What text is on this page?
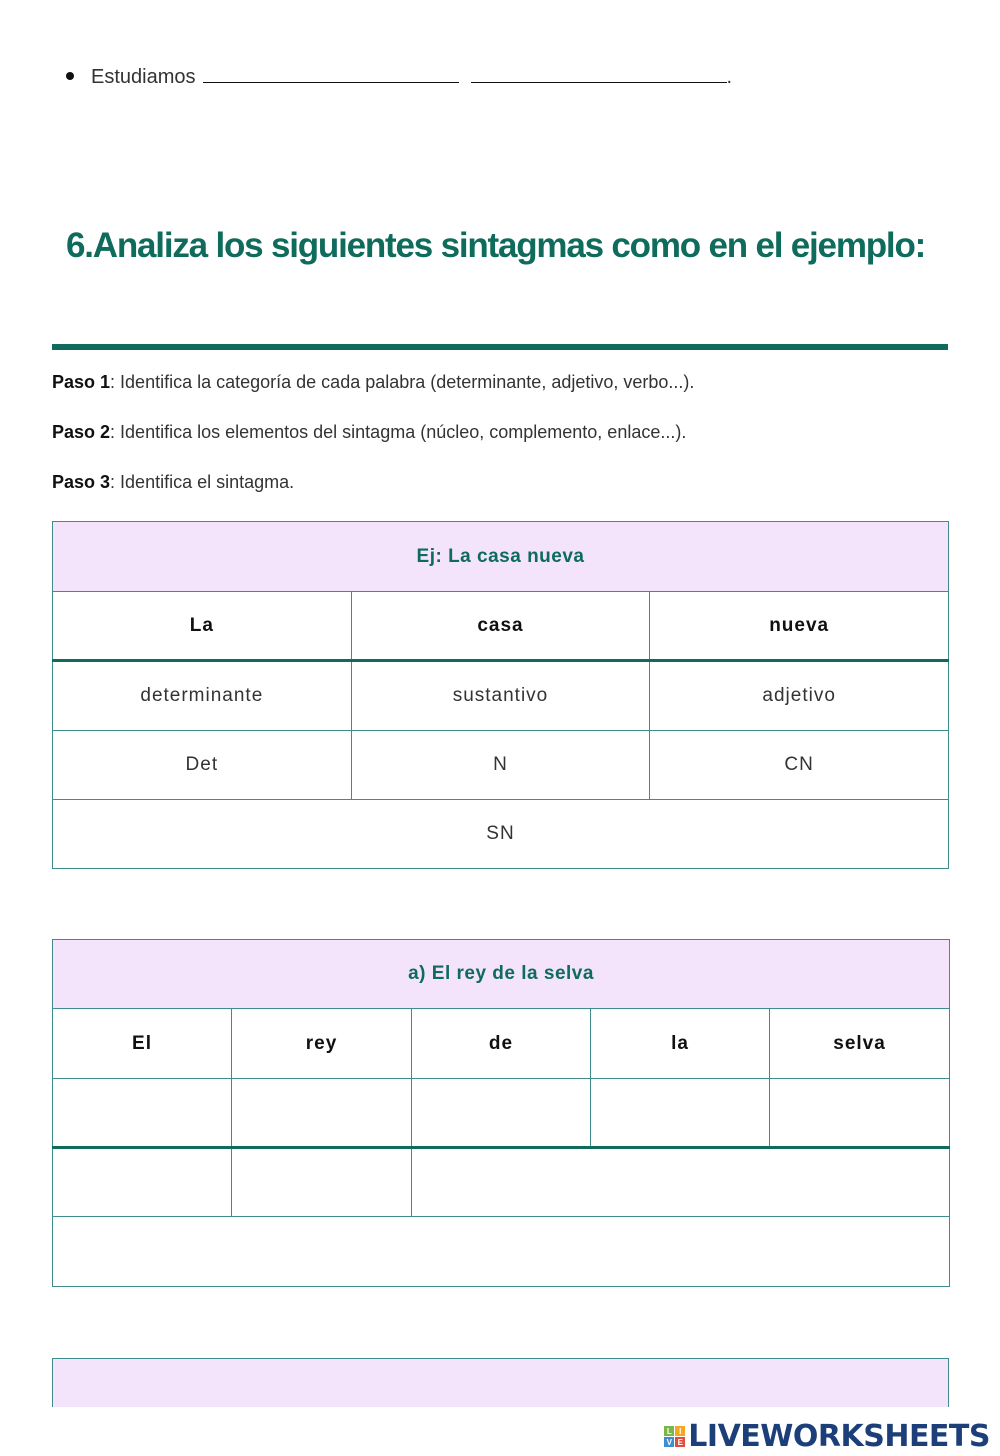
Estudiamos	.
6.Analiza los siguientes sintagmas como en el ejemplo:
Paso 1: Identifica la categoría de cada palabra (determinante, adjetivo, verbo...).
Paso 2: Identifica los elementos del sintagma (núcleo, complemento, enlace...).
Paso 3: Identifica el sintagma.
Ej: La casa nueva		
La	casa	nueva
determinante	sustantivo	adjetivo
Det	N	CN
SN		
a) El rey de la selva				
El	rey	de	la	selva

L I
V E LIVEWORKSHEETS
